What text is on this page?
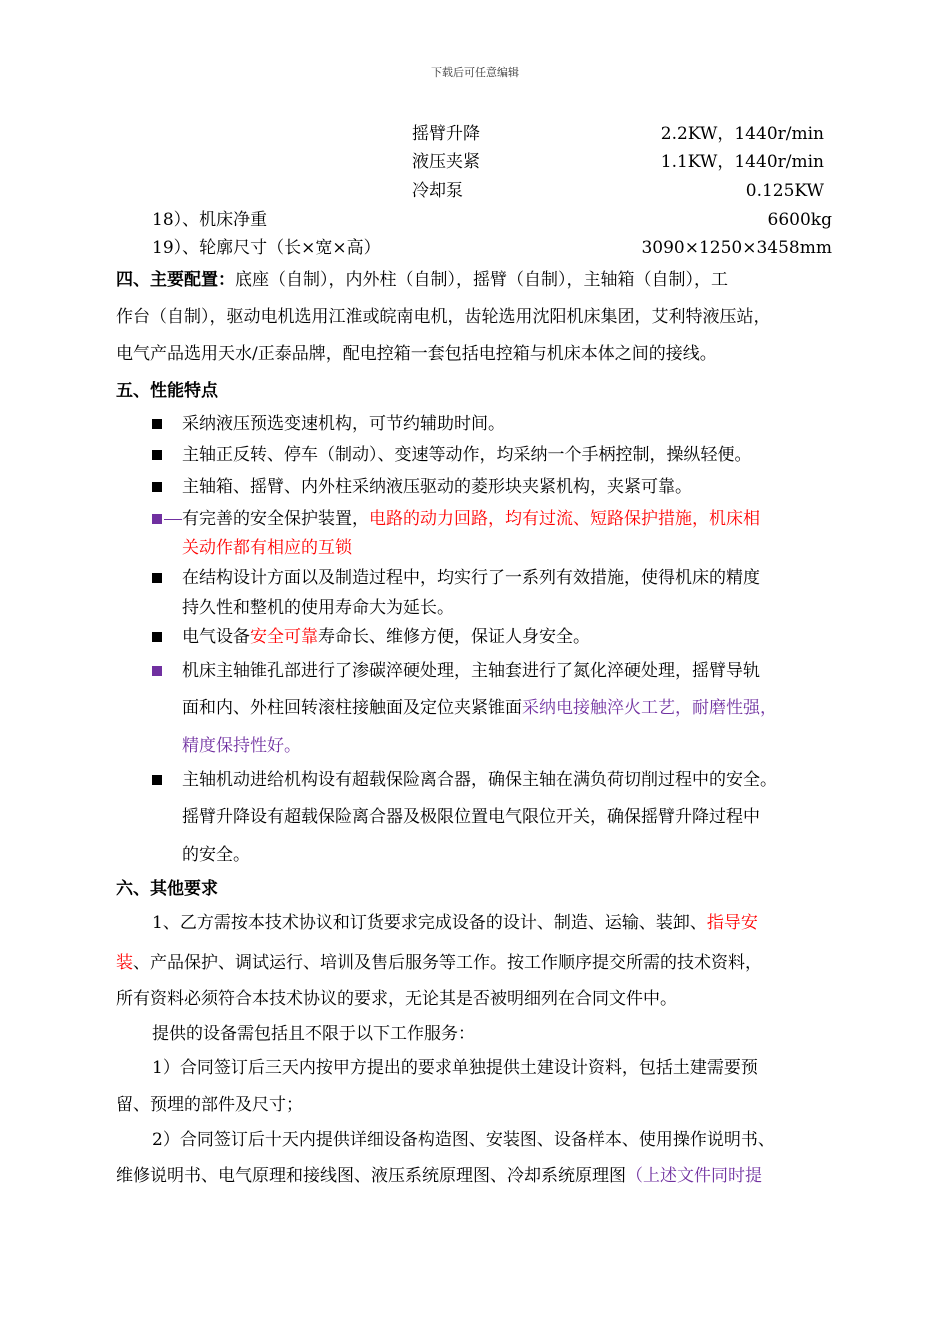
下载后可任意编辑
摇臂升降	2.2KW，1440r/min
液压夹紧	1.1KW，1440r/min
冷却泵	0.125KW
18）、机床净重	6600kg
19）、轮廓尺寸（长×宽×高）	3090×1250×3458mm
四、主要配置：底座（自制），内外柱（自制），摇臂（自制），主轴箱（自制），工
作台（自制），驱动电机选用江淮或皖南电机，齿轮选用沈阳机床集团，艾利特液压站，
电气产品选用天水/正泰品牌，配电控箱一套包括电控箱与机床本体之间的接线。
五、性能特点
采纳液压预选变速机构，可节约辅助时间。
主轴正反转、停车（制动）、变速等动作，均采纳一个手柄控制，操纵轻便。
主轴箱、摇臂、内外柱采纳液压驱动的菱形块夹紧机构，夹紧可靠。
有完善的安全保护装置，电路的动力回路，均有过流、短路保护措施，机床相
关动作都有相应的互锁
在结构设计方面以及制造过程中，均实行了一系列有效措施，使得机床的精度
持久性和整机的使用寿命大为延长。
电气设备安全可靠寿命长、维修方便，保证人身安全。
机床主轴锥孔部进行了渗碳淬硬处理，主轴套进行了氮化淬硬处理，摇臂导轨
面和内、外柱回转滚柱接触面及定位夹紧锥面采纳电接触淬火工艺，耐磨性强，
精度保持性好。
主轴机动进给机构设有超载保险离合器，确保主轴在满负荷切削过程中的安全。
摇臂升降设有超载保险离合器及极限位置电气限位开关，确保摇臂升降过程中
的安全。
六、其他要求
1、乙方需按本技术协议和订货要求完成设备的设计、制造、运输、装卸、指导安
装、产品保护、调试运行、培训及售后服务等工作。按工作顺序提交所需的技术资料，
所有资料必须符合本技术协议的要求，无论其是否被明细列在合同文件中。
提供的设备需包括且不限于以下工作服务：
1）合同签订后三天内按甲方提出的要求单独提供土建设计资料，包括土建需要预
留、预埋的部件及尺寸；
2）合同签订后十天内提供详细设备构造图、安装图、设备样本、使用操作说明书、
维修说明书、电气原理和接线图、液压系统原理图、冷却系统原理图（上述文件同时提
